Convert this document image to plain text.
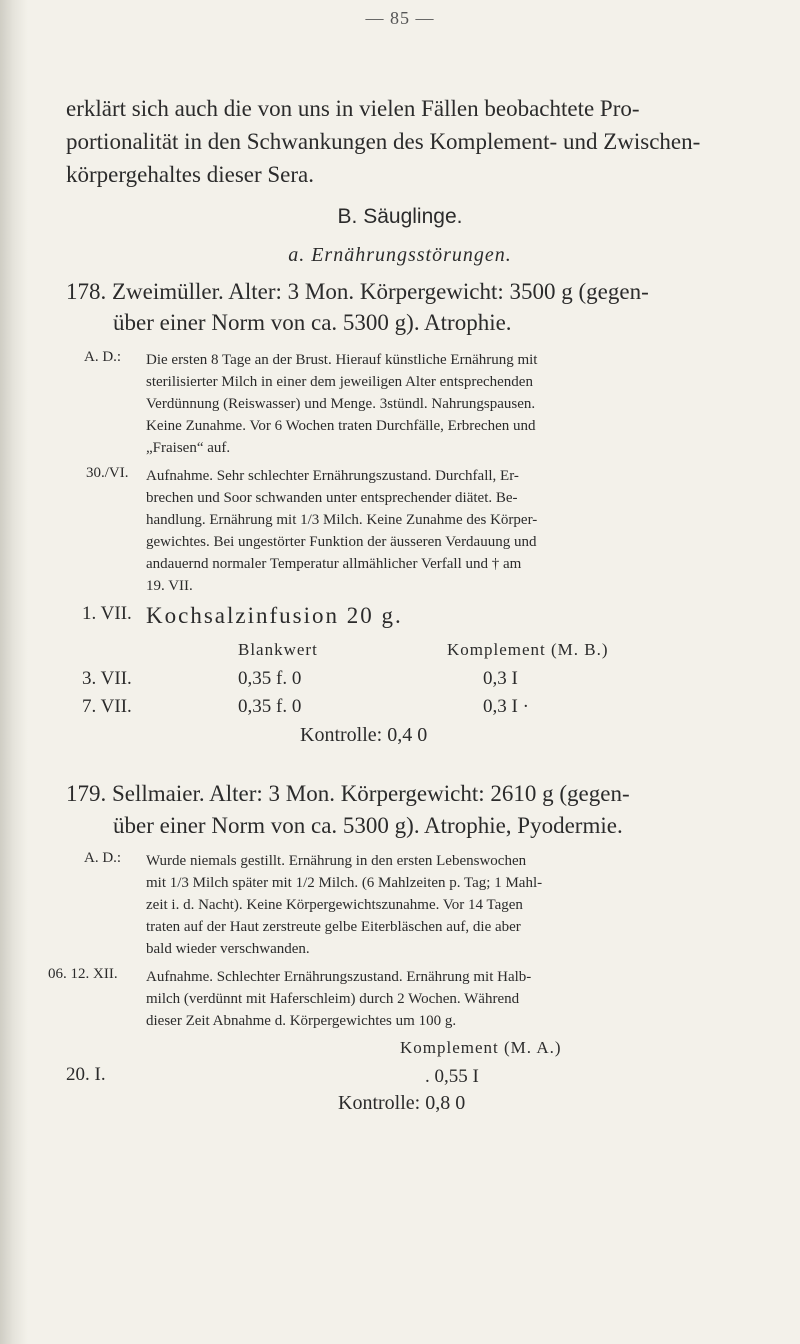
— 85 —
erklärt sich auch die von uns in vielen Fällen beobachtete Pro-
portionalität in den Schwankungen des Komplement- und Zwischen-
körpergehaltes dieser Sera.
B. Säuglinge.
a. Ernährungsstörungen.
178. Zweimüller. Alter: 3 Mon. Körpergewicht: 3500 g (gegen-
über einer Norm von ca. 5300 g). Atrophie.
A. D.: Die ersten 8 Tage an der Brust. Hierauf künstliche Ernährung mit
sterilisierter Milch in einer dem jeweiligen Alter entsprechenden
Verdünnung (Reiswasser) und Menge. 3stündl. Nahrungspausen.
Keine Zunahme. Vor 6 Wochen traten Durchfälle, Erbrechen und
„Fraisen“ auf.
30./VI. Aufnahme. Sehr schlechter Ernährungszustand. Durchfall, Er-
brechen und Soor schwanden unter entsprechender diätet. Be-
handlung. Ernährung mit 1/3 Milch. Keine Zunahme des Körper-
gewichtes. Bei ungestörter Funktion der äusseren Verdauung und
andauernd normaler Temperatur allmählicher Verfall und † am
19. VII.
1. VII. Kochsalzinfusion 20 g.
Blankwert	Komplement (M. B.)
3. VII.	0,35 f. 0	0,3 I
7. VII.	0,35 f. 0	0,3 I ·
Kontrolle: 0,4 0
179. Sellmaier. Alter: 3 Mon. Körpergewicht: 2610 g (gegen-
über einer Norm von ca. 5300 g). Atrophie, Pyodermie.
A. D.: Wurde niemals gestillt. Ernährung in den ersten Lebenswochen
mit 1/3 Milch später mit 1/2 Milch. (6 Mahlzeiten p. Tag; 1 Mahl-
zeit i. d. Nacht). Keine Körpergewichtszunahme. Vor 14 Tagen
traten auf der Haut zerstreute gelbe Eiterbläschen auf, die aber
bald wieder verschwanden.
06. 12. XII. Aufnahme. Schlechter Ernährungszustand. Ernährung mit Halb-
milch (verdünnt mit Haferschleim) durch 2 Wochen. Während
dieser Zeit Abnahme d. Körpergewichtes um 100 g.
Komplement (M. A.)
20. I.	. 0,55 I
Kontrolle: 0,8 0
